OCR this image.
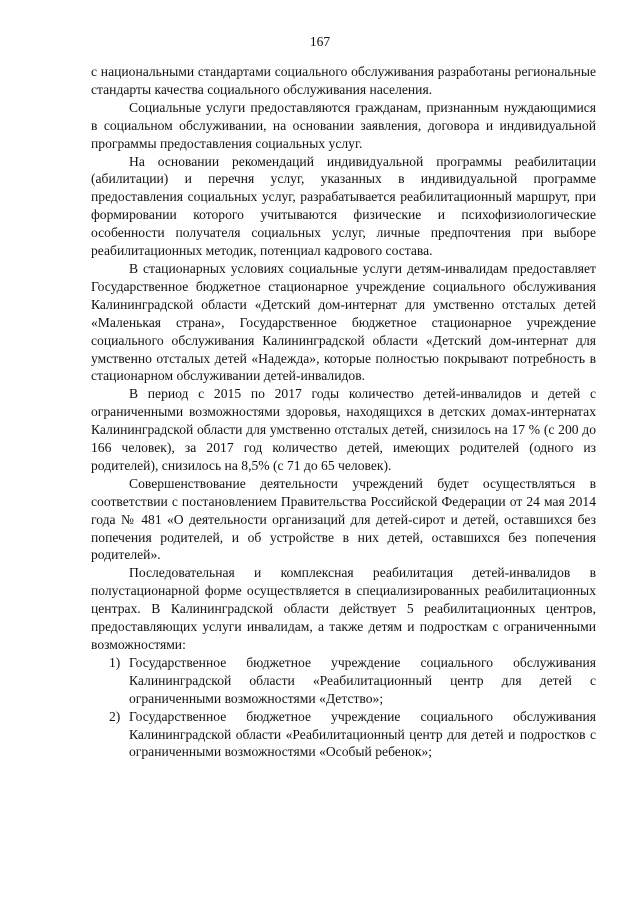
167

с национальными стандартами социального обслуживания разработаны региональные стандарты качества социального обслуживания населения.

Социальные услуги предоставляются гражданам, признанным нуждающимися в социальном обслуживании, на основании заявления, договора и индивидуальной программы предоставления социальных услуг.

На основании рекомендаций индивидуальной программы реабилитации (абилитации) и перечня услуг, указанных в индивидуальной программе предоставления социальных услуг, разрабатывается реабилитационный маршрут, при формировании которого учитываются физические и психофизиологические особенности получателя социальных услуг, личные предпочтения при выборе реабилитационных методик, потенциал кадрового состава.

В стационарных условиях социальные услуги детям-инвалидам предоставляет Государственное бюджетное стационарное учреждение социального обслуживания Калининградской области «Детский дом-интернат для умственно отсталых детей «Маленькая страна», Государственное бюджетное стационарное учреждение социального обслуживания Калининградской области «Детский дом-интернат для умственно отсталых детей «Надежда», которые полностью покрывают потребность в стационарном обслуживании детей-инвалидов.

В период с 2015 по 2017 годы количество детей-инвалидов и детей с ограниченными возможностями здоровья, находящихся в детских домах-интернатах Калининградской области для умственно отсталых детей, снизилось на 17 % (с 200 до 166 человек), за 2017 год количество детей, имеющих родителей (одного из родителей), снизилось на 8,5% (с 71 до 65 человек).

Совершенствование деятельности учреждений будет осуществляться в соответствии с постановлением Правительства Российской Федерации от 24 мая 2014 года № 481 «О деятельности организаций для детей-сирот и детей, оставшихся без попечения родителей, и об устройстве в них детей, оставшихся без попечения родителей».

Последовательная и комплексная реабилитация детей-инвалидов в полустационарной форме осуществляется в специализированных реабилитационных центрах. В Калининградской области действует 5 реабилитационных центров, предоставляющих услуги инвалидам, а также детям и подросткам с ограниченными возможностями:

1) Государственное бюджетное учреждение социального обслуживания Калининградской области «Реабилитационный центр для детей с ограниченными возможностями «Детство»;
2) Государственное бюджетное учреждение социального обслуживания Калининградской области «Реабилитационный центр для детей и подростков с ограниченными возможностями «Особый ребенок»;
